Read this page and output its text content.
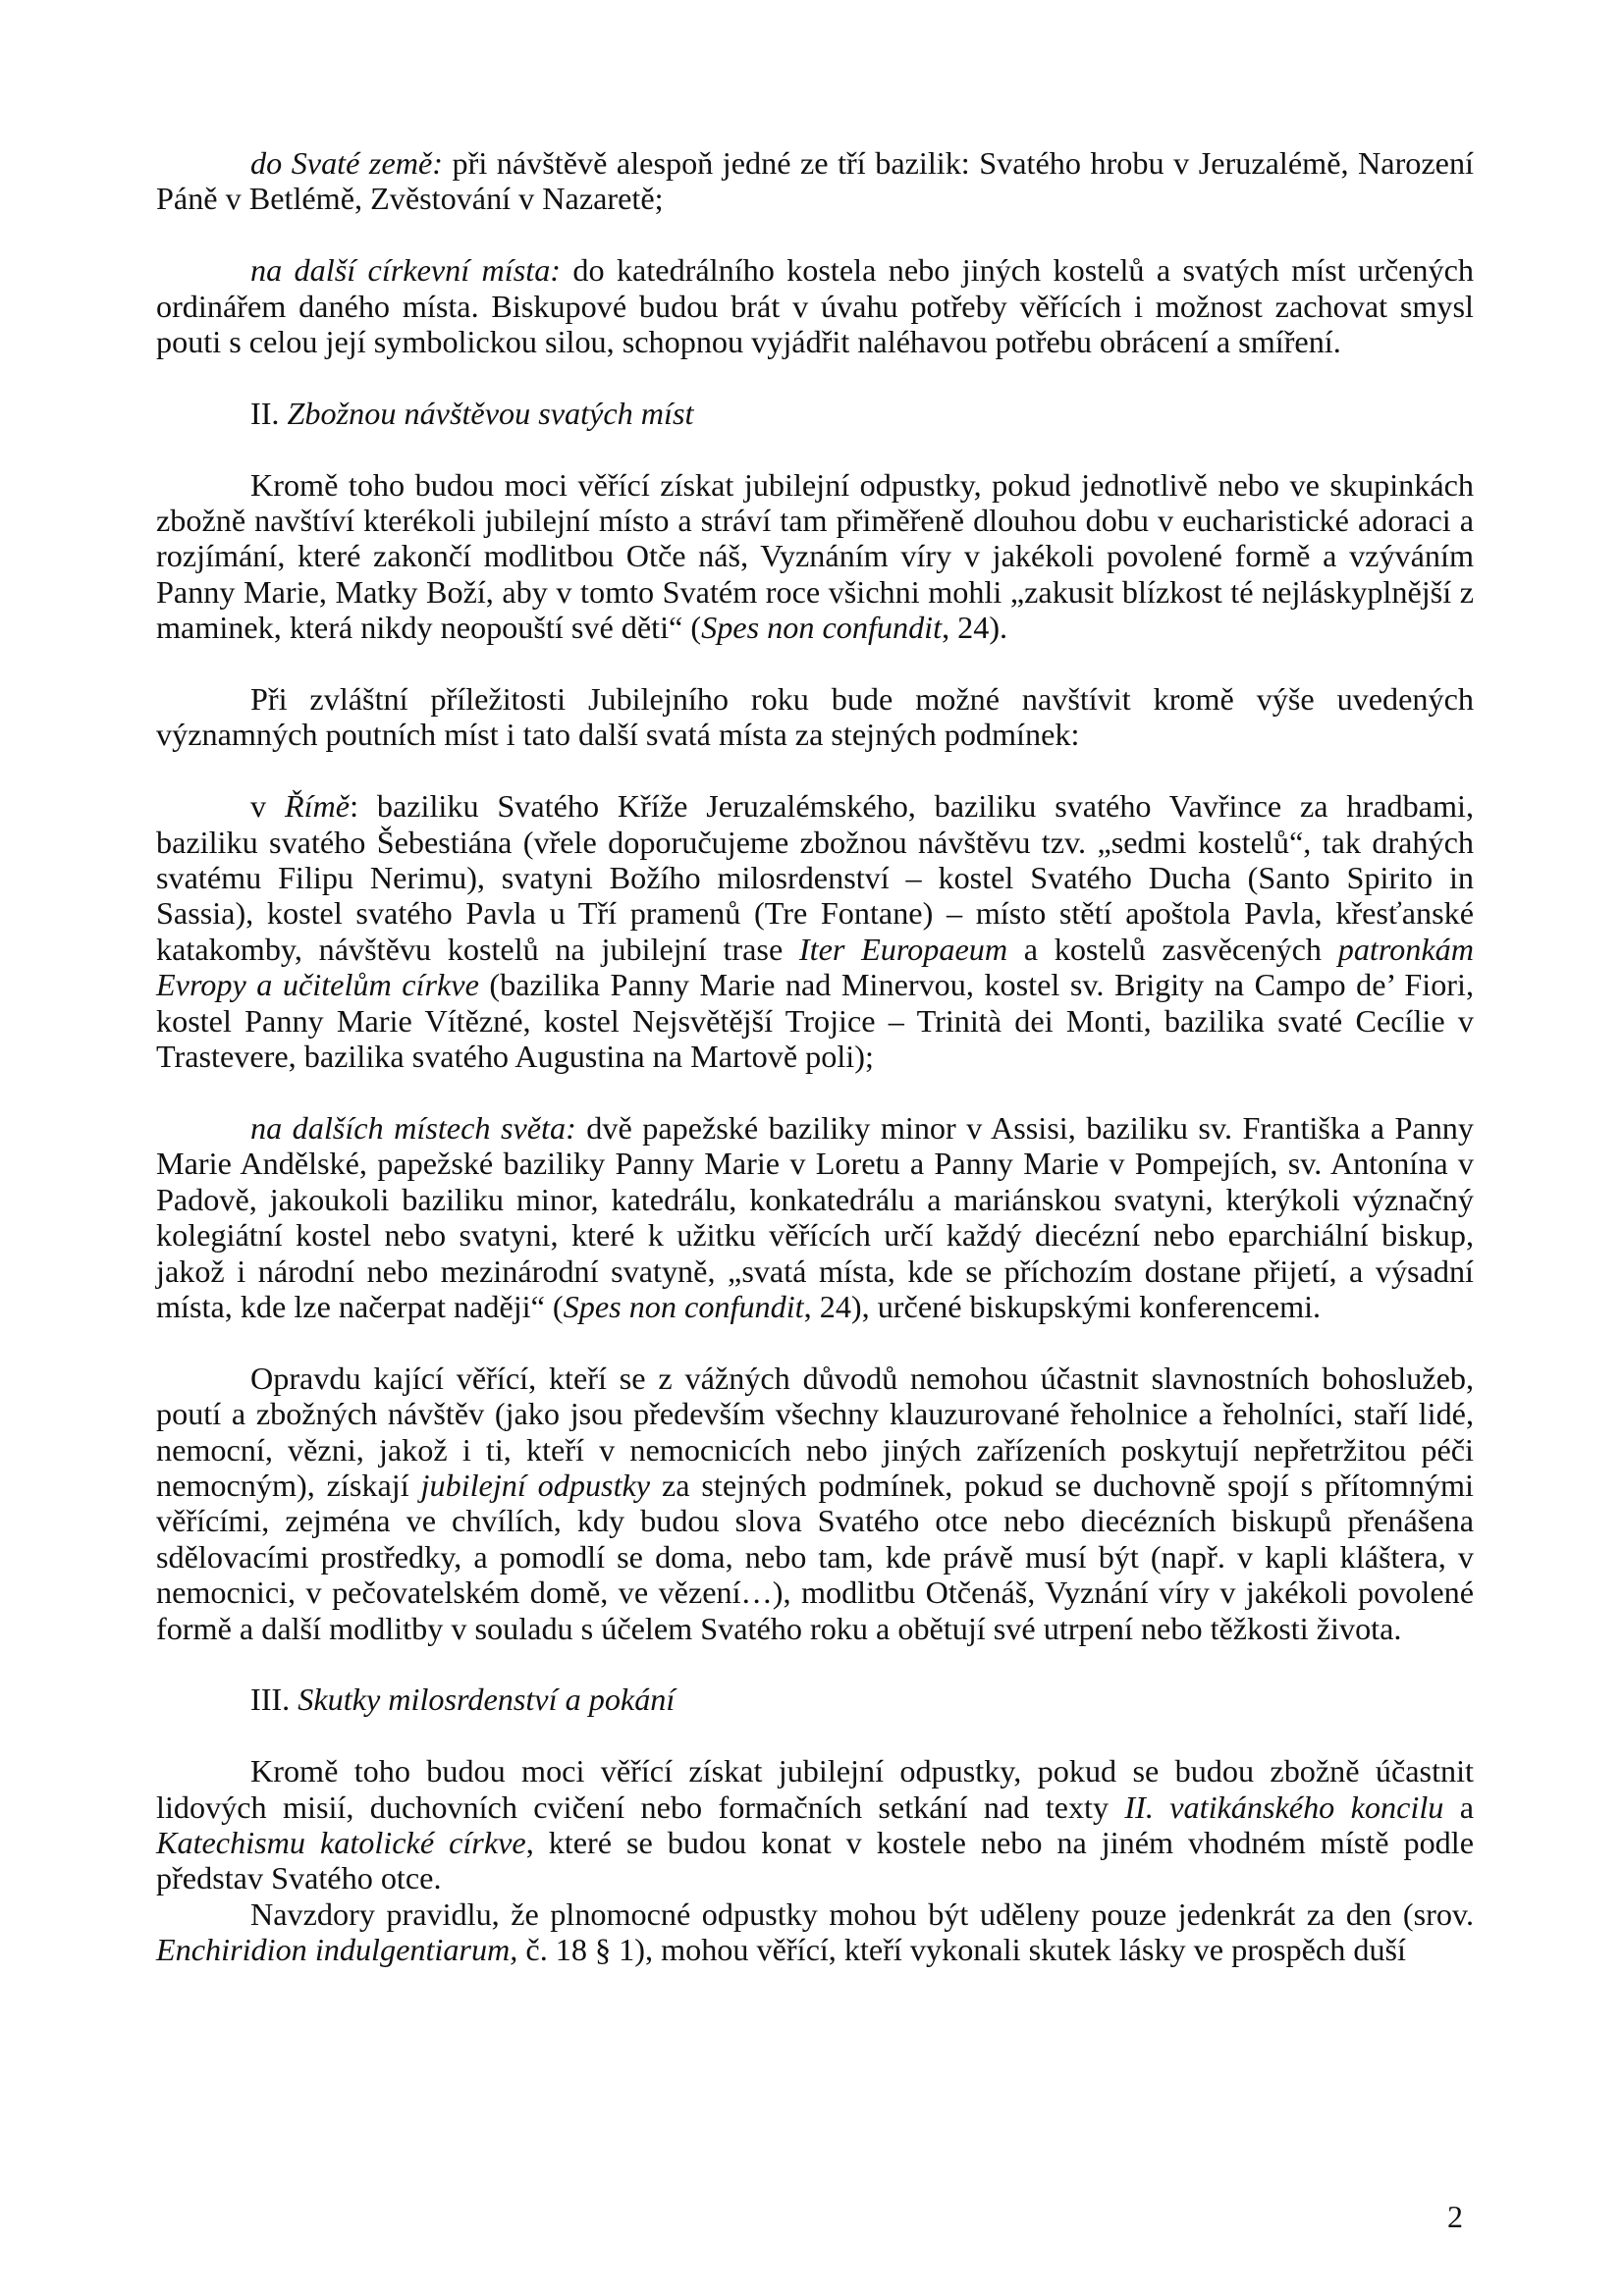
do Svaté země: při návštěvě alespoň jedné ze tří bazilik: Svatého hrobu v Jeruzalémě, Narození Páně v Betlémě, Zvěstování v Nazaretě;

na další církevní místa: do katedrálního kostela nebo jiných kostelů a svatých míst určených ordinářem daného místa. Biskupové budou brát v úvahu potřeby věřících i možnost zachovat smysl pouti s celou její symbolickou silou, schopnou vyjádřit naléhavou potřebu obrácení a smíření.

II. Zbožnou návštěvou svatých míst

Kromě toho budou moci věřící získat jubilejní odpustky, pokud jednotlivě nebo ve skupinkách zbožně navštíví kterékoli jubilejní místo a stráví tam přiměřeně dlouhou dobu v eucharistické adoraci a rozjímání, které zakončí modlitbou Otče náš, Vyznáním víry v jakékoli povolené formě a vzýváním Panny Marie, Matky Boží, aby v tomto Svatém roce všichni mohli „zakusit blízkost té nejláskyplnější z maminek, která nikdy neopouští své děti“ (Spes non confundit, 24).

Při zvláštní příležitosti Jubilejního roku bude možné navštívit kromě výše uvedených významných poutních míst i tato další svatá místa za stejných podmínek:

v Římě: baziliku Svatého Kříže Jeruzalémského, baziliku svatého Vavřince za hradbami, baziliku svatého Šebestiána (vřele doporučujeme zbožnou návštěvu tzv. „sedmi kostelů“, tak drahých svatému Filipu Nerimu), svatyni Božího milosrdenství – kostel Svatého Ducha (Santo Spirito in Sassia), kostel svatého Pavla u Tří pramenů (Tre Fontane) – místo stětí apoštola Pavla, křesťanské katakomby, návštěvu kostelů na jubilejní trase Iter Europaeum a kostelů zasvěcených patronkám Evropy a učitelům církve (bazilika Panny Marie nad Minervou, kostel sv. Brigity na Campo de’ Fiori, kostel Panny Marie Vítězné, kostel Nejsvětější Trojice – Trinità dei Monti, bazilika svaté Cecílie v Trastevere, bazilika svatého Augustina na Martově poli);

na dalších místech světa: dvě papežské baziliky minor v Assisi, baziliku sv. Františka a Panny Marie Andělské, papežské baziliky Panny Marie v Loretu a Panny Marie v Pompejích, sv. Antonína v Padově, jakoukoli baziliku minor, katedrálu, konkatedrálu a mariánskou svatyni, kterýkoli význačný kolegiátní kostel nebo svatyni, které k užitku věřících určí každý diecézní nebo eparchiální biskup, jakož i národní nebo mezinárodní svatyně, „svatá místa, kde se příchozím dostane přijetí, a výsadní místa, kde lze načerpat naději“ (Spes non confundit, 24), určené biskupskými konferencemi.

Opravdu kající věřící, kteří se z vážných důvodů nemohou účastnit slavnostních bohoslužeb, poutí a zbožných návštěv (jako jsou především všechny klauzurované řeholnice a řeholníci, staří lidé, nemocní, vězni, jakož i ti, kteří v nemocnicích nebo jiných zařízeních poskytují nepřetržitou péči nemocným), získají jubilejní odpustky za stejných podmínek, pokud se duchovně spojí s přítomnými věřícími, zejména ve chvílích, kdy budou slova Svatého otce nebo diecézních biskupů přenášena sdělovacími prostředky, a pomodlí se doma, nebo tam, kde právě musí být (např. v kapli kláštera, v nemocnici, v pečovatelském domě, ve vězení…), modlitbu Otčenáš, Vyznání víry v jakékoli povolené formě a další modlitby v souladu s účelem Svatého roku a obětují své utrpení nebo těžkosti života.

III. Skutky milosrdenství a pokání

Kromě toho budou moci věřící získat jubilejní odpustky, pokud se budou zbožně účastnit lidových misií, duchovních cvičení nebo formačních setkání nad texty II. vatikánského koncilu a Katechismu katolické církve, které se budou konat v kostele nebo na jiném vhodném místě podle představ Svatého otce.

Navzdory pravidlu, že plnomocné odpustky mohou být uděleny pouze jedenkrát za den (srov. Enchiridion indulgentiarum, č. 18 § 1), mohou věřící, kteří vykonali skutek lásky ve prospěch duší

2
